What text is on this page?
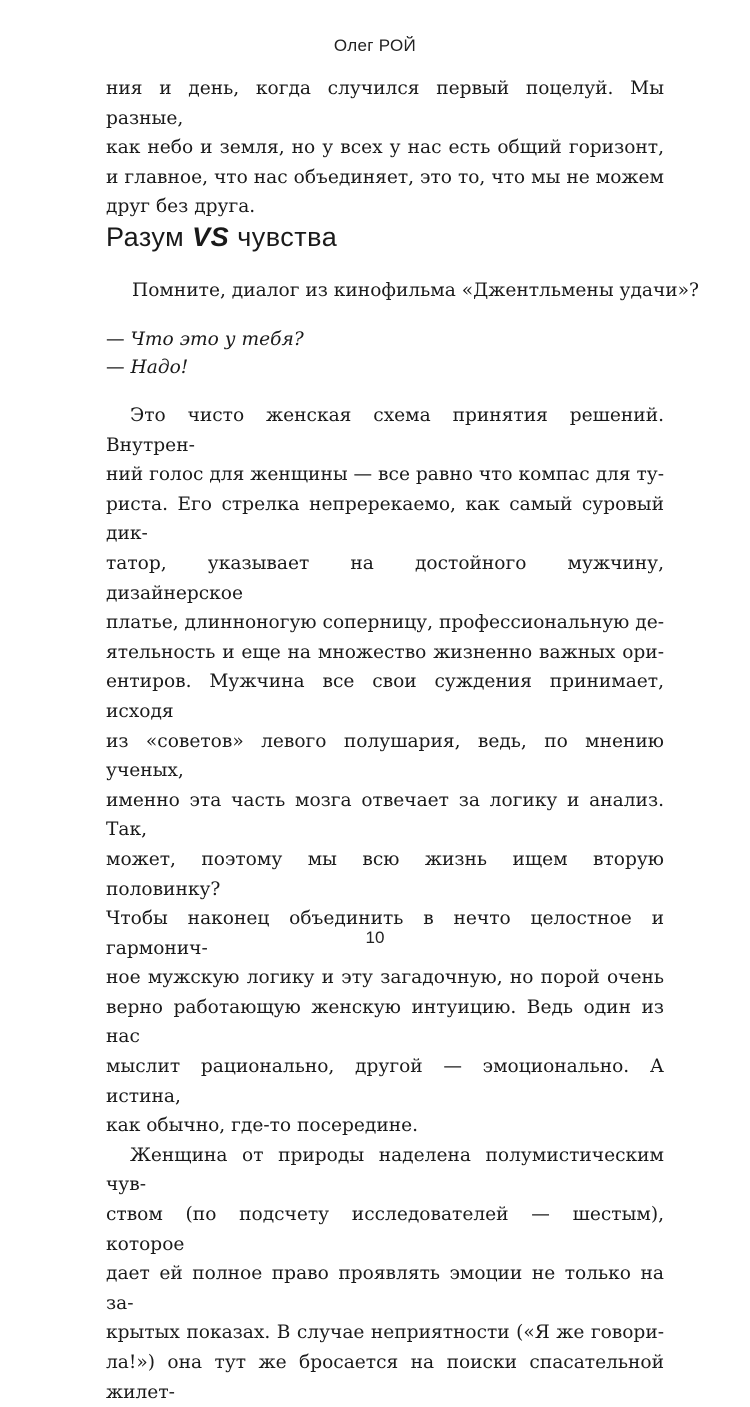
Олег РОЙ

ния и день, когда случился первый поцелуй. Мы разные,

как небо и земля, но у всех у нас есть общий горизонт,

и главное, что нас объединяет, это то, что мы не можем

друг без друга.

Разум VS чувства
Помните, диалог из кинофильма «Джентльмены удачи»?
— Что это у тебя?
— Надо!

Это чисто женская схема принятия решений. Внутрен-

ний голос для женщины — все равно что компас для ту-

риста. Его стрелка непререкаемо, как самый суровый дик-

татор, указывает на достойного мужчину, дизайнерское

платье, длинноногую соперницу, профессиональную де-

ятельность и еще на множество жизненно важных ори-

ентиров. Мужчина все свои суждения принимает, исходя

из «советов» левого полушария, ведь, по мнению ученых,

именно эта часть мозга отвечает за логику и анализ. Так,

может, поэтому мы всю жизнь ищем вторую половинку?

Чтобы наконец объединить в нечто целостное и гармонич-

ное мужскую логику и эту загадочную, но порой очень

верно работающую женскую интуицию. Ведь один из нас

мыслит рационально, другой — эмоционально. А истина,

как обычно, где-то посередине.

Женщина от природы наделена полумистическим чув-

ством (по подсчету исследователей — шестым), которое

дает ей полное право проявлять эмоции не только на за-

крытых показах. В случае неприятности («Я же говори-

ла!») она тут же бросается на поиски спасательной жилет-

10
